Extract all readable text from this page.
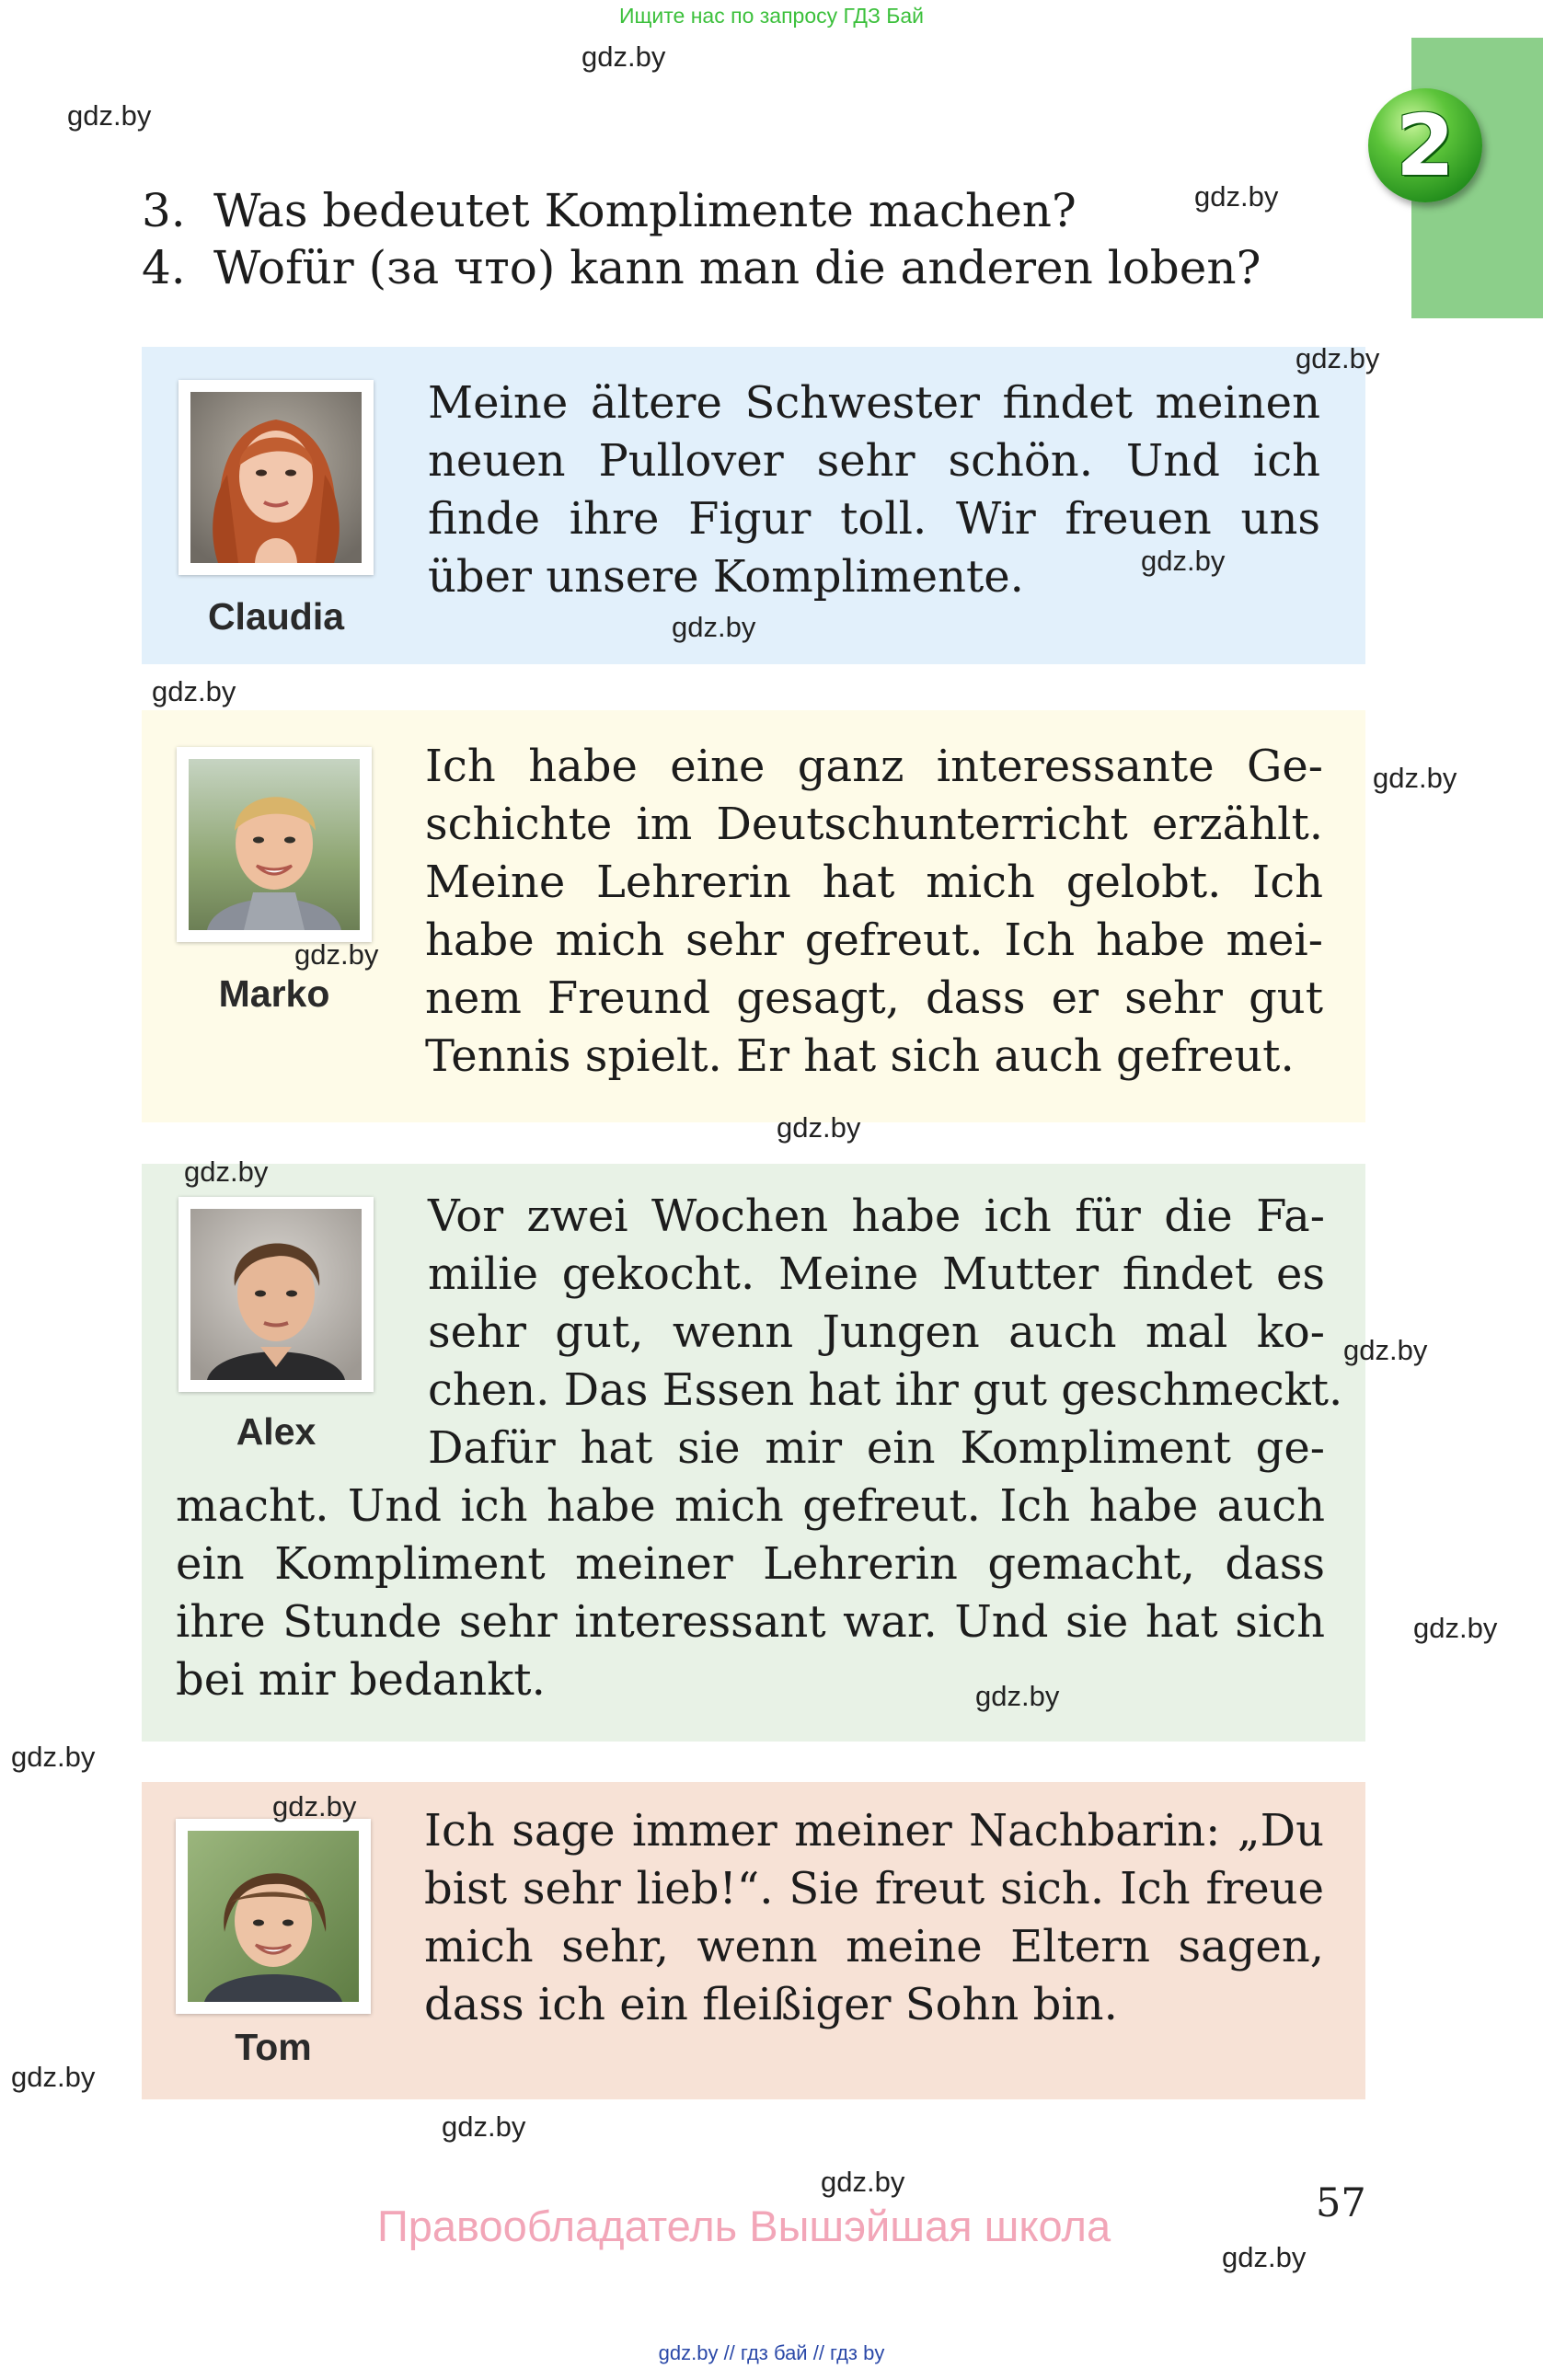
Ищите нас по запросу ГДЗ Бай
2
3. Was bedeutet Komplimente machen?
4. Wofür (за что) kann man die anderen loben?
Claudia
Meine ältere Schwester findet meinen
neuen Pullover sehr schön. Und ich
finde ihre Figur toll. Wir freuen uns
über unsere Komplimente.
Marko
Ich habe eine ganz interessante Ge-
schichte im Deutschunterricht erzählt.
Meine Lehrerin hat mich gelobt. Ich
habe mich sehr gefreut. Ich habe mei-
nem Freund gesagt, dass er sehr gut
Tennis spielt. Er hat sich auch gefreut.
Alex
Vor zwei Wochen habe ich für die Fa-
milie gekocht. Meine Mutter findet es
sehr gut, wenn Jungen auch mal ko-
chen. Das Essen hat ihr gut geschmeckt.
Dafür hat sie mir ein Kompliment ge-
macht. Und ich habe mich gefreut. Ich habe auch
ein Kompliment meiner Lehrerin gemacht, dass
ihre Stunde sehr interessant war. Und sie hat sich
bei mir bedankt.
Tom
Ich sage immer meiner Nachbarin: „Du
bist sehr lieb!“. Sie freut sich. Ich freue
mich sehr, wenn meine Eltern sagen,
dass ich ein fleißiger Sohn bin.
gdz.by
gdz.by
gdz.by
gdz.by
gdz.by
gdz.by
gdz.by
gdz.by
gdz.by
gdz.by
gdz.by
gdz.by
gdz.by
gdz.by
gdz.by
gdz.by
gdz.by
gdz.by
gdz.by
gdz.by
57
Правообладатель Вышэйшая школа
gdz.by // гдз бай // гдз by
